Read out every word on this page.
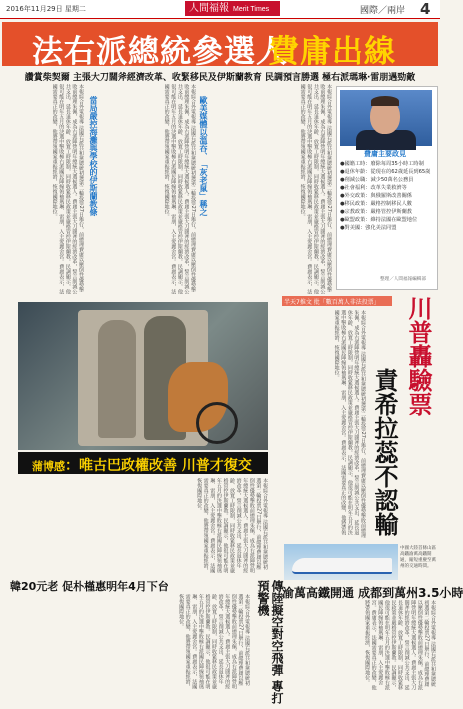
2016年11月29日 星期二	人間福報 Merit Times	國際／兩岸 4
法右派總統參選人
費庸出線
讚賞柴契爾 主張大刀闊斧經濟改革、收緊移民及伊斯蘭教育 民調預言勝選 極右派瑪琳‧雷朋遇勁敵
本報綜合外電報導 法國右派共和黨總統初選第二輪投票27日舉行，前總理費庸以壓倒性優勢擊敗前總理朱佩，成為右派陣營明年總統大選候選人。費庸主張大刀闊斧的經濟改革，誓言削減公共支出、延長退休年齡、放寬工時限制，同時收緊移民政策並嚴格管控伊斯蘭教。民調顯示，他很可能在明年五月的決選中擊敗極右派國民陣線領袖瑪琳．雷朋，入主愛麗舍宮。費庸表示，法國需要真正的改變，他將帶領國家重振經濟，恢復國際地位。	當局嚴控海灘與學校的伊斯蘭教條	本報綜合外電報導 法國右派共和黨總統初選第二輪投票27日舉行，前總理費庸以壓倒性優勢擊敗前總理朱佩，成為右派陣營明年總統大選候選人。費庸主張大刀闊斧的經濟改革，誓言削減公共支出、延長退休年齡、放寬工時限制，同時收緊移民政策並嚴格管控伊斯蘭教。民調顯示，他很可能在明年五月的決選中擊敗極右派國民陣線領袖瑪琳．雷朋，入主愛麗舍宮。費庸表示，法國需要真正的改變，他將帶領國家重振經濟，恢復國際地位。	歐美媒體以溫吞、「灰老鼠」稱之	本報綜合外電報導 法國右派共和黨總統初選第二輪投票27日舉行，前總理費庸以壓倒性優勢擊敗前總理朱佩，成為右派陣營明年總統大選候選人。費庸主張大刀闊斧的經濟改革，誓言削減公共支出、延長退休年齡、放寬工時限制，同時收緊移民政策並嚴格管控伊斯蘭教。民調顯示，他很可能在明年五月的決選中擊敗極右派國民陣線領袖瑪琳．雷朋，入主愛麗舍宮。費庸表示，法國需要真正的改變，他將帶領國家重振經濟，恢復國際地位。	費庸主要政見
●國籍工時：廢除每周35小時工時制
●退休年齡：從現在的62歲延長到65歲
●削減公職：減少50萬名公務員
●社會福利：改革失業救濟等
●外交政策：與俄羅斯改善關係
●移民政策：嚴格控制移民人數
●宗教政策：嚴格管控伊斯蘭教
●歐盟政策：維持法國在歐盟地位
●對美國：強化美法同盟
整理／人間福報編輯部
蒲博感：唯古巴政權改善 川普才復交
本報綜合外電報導 法國右派共和黨總統初選第二輪投票27日舉行，前總理費庸以壓倒性優勢擊敗前總理朱佩，成為右派陣營明年總統大選候選人。費庸主張大刀闊斧的經濟改革，誓言削減公共支出、延長退休年齡、放寬工時限制，同時收緊移民政策並嚴格管控伊斯蘭教。民調顯示，他很可能在明年五月的決選中擊敗極右派國民陣線領袖瑪琳．雷朋，入主愛麗舍宮。費庸表示，法國需要真正的改變，他將帶領國家重振經濟，恢復國際地位。
半天7推文 批「數百萬人非法投票」 川普轟驗票
責希拉蕊不認輸
本報綜合外電報導 法國右派共和黨總統初選第二輪投票27日舉行，前總理費庸以壓倒性優勢擊敗前總理朱佩，成為右派陣營明年總統大選候選人。費庸主張大刀闊斧的經濟改革，誓言削減公共支出、延長退休年齡、放寬工時限制，同時收緊移民政策並嚴格管控伊斯蘭教。民調顯示，他很可能在明年五月的決選中擊敗極右派國民陣線領袖瑪琳．雷朋，入主愛麗舍宮。費庸表示，法國需要真正的改變，他將帶領國家重振經濟，恢復國際地位。
中國大陸首條山區高鐵渝萬高鐵開通，縮短重慶至萬州的交通時間。
渝萬高鐵開通 成都到萬州3.5小時
本報綜合外電報導 法國右派共和黨總統初選第二輪投票27日舉行，前總理費庸以壓倒性優勢擊敗前總理朱佩，成為右派陣營明年總統大選候選人。費庸主張大刀闊斧的經濟改革，誓言削減公共支出、延長退休年齡、放寬工時限制，同時收緊移民政策並嚴格管控伊斯蘭教。民調顯示，他很可能在明年五月的決選中擊敗極右派國民陣線領袖瑪琳．雷朋，入主愛麗舍宮。費庸表示，法國需要真正的改變，他將帶領國家重振經濟，恢復國際地位。
韓20元老 促朴槿惠明年4月下台
本報綜合外電報導 法國右派共和黨總統初選第二輪投票27日舉行，前總理費庸以壓倒性優勢擊敗前總理朱佩，成為右派陣營明年總統大選候選人。費庸主張大刀闊斧的經濟改革，誓言削減公共支出、延長退休年齡、放寬工時限制，同時收緊移民政策並嚴格管控伊斯蘭教。民調顯示，他很可能在明年五月的決選中擊敗極右派國民陣線領袖瑪琳．雷朋，入主愛麗舍宮。費庸表示，法國需要真正的改變，他將帶領國家重振經濟，恢復國際地位。	傳陸擬空對空飛彈 專打預警機
